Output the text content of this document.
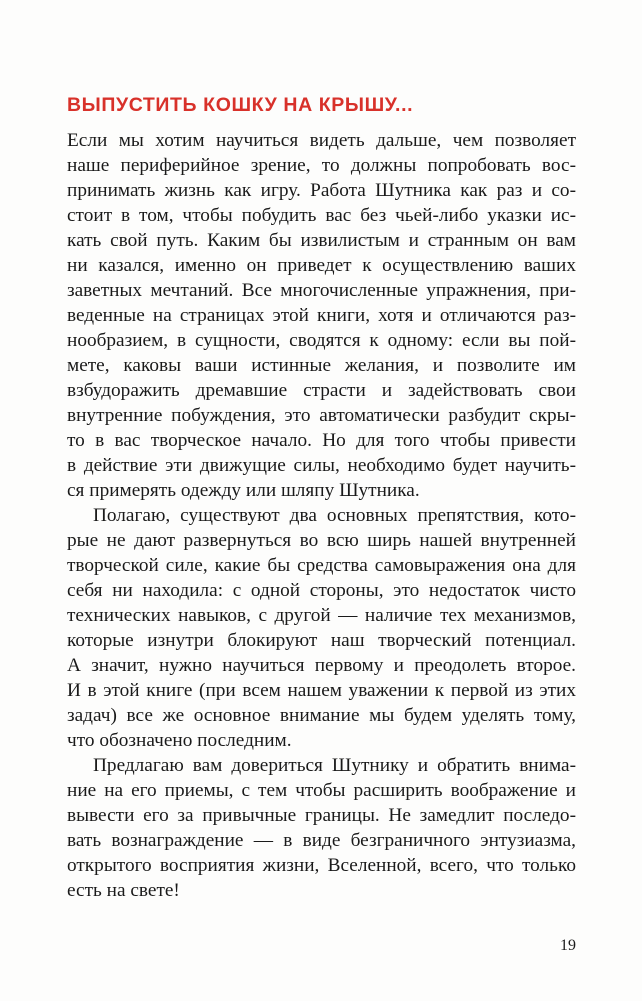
ВЫПУСТИТЬ КОШКУ НА КРЫШУ...

Если мы хотим научиться видеть дальше, чем позволяет
наше периферийное зрение, то должны попробовать вос-
принимать жизнь как игру. Работа Шутника как раз и со-
стоит в том, чтобы побудить вас без чьей-либо указки ис-
кать свой путь. Каким бы извилистым и странным он вам
ни казался, именно он приведет к осуществлению ваших
заветных мечтаний. Все многочисленные упражнения, при-
веденные на страницах этой книги, хотя и отличаются раз-
нообразием, в сущности, сводятся к одному: если вы пой-
мете, каковы ваши истинные желания, и позволите им
взбудоражить дремавшие страсти и задействовать свои
внутренние побуждения, это автоматически разбудит скры-
то в вас творческое начало. Но для того чтобы привести
в действие эти движущие силы, необходимо будет научить-
ся примерять одежду или шляпу Шутника.

Полагаю, существуют два основных препятствия, кото-
рые не дают развернуться во всю ширь нашей внутренней
творческой силе, какие бы средства самовыражения она для
себя ни находила: с одной стороны, это недостаток чисто
технических навыков, с другой — наличие тех механизмов,
которые изнутри блокируют наш творческий потенциал.
А значит, нужно научиться первому и преодолеть второе.
И в этой книге (при всем нашем уважении к первой из этих
задач) все же основное внимание мы будем уделять тому,
что обозначено последним.

Предлагаю вам довериться Шутнику и обратить внима-
ние на его приемы, с тем чтобы расширить воображение и
вывести его за привычные границы. Не замедлит последо-
вать вознаграждение — в виде безграничного энтузиазма,
открытого восприятия жизни, Вселенной, всего, что только
есть на свете!

19
